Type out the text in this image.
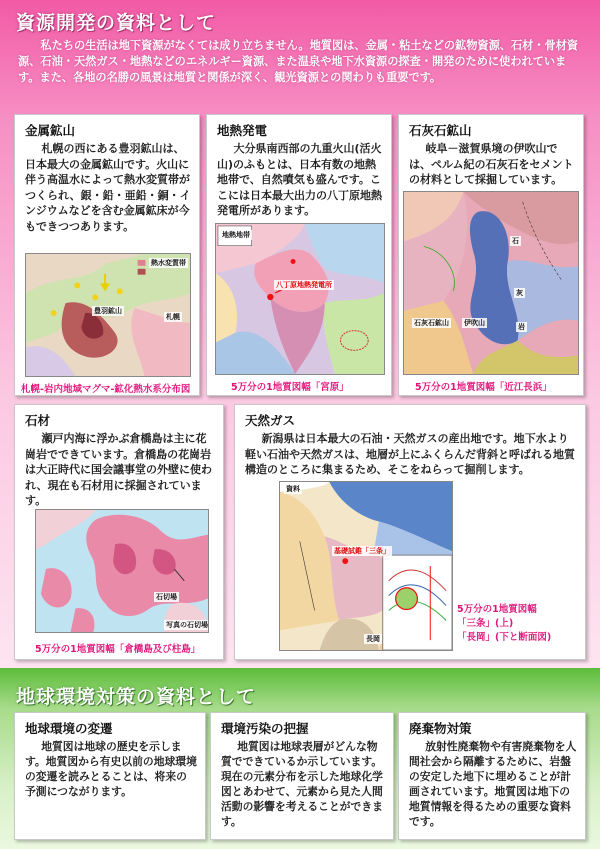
資源開発の資料として
私たちの生活は地下資源がなくては成り立ちません。地質図は、金属・粘土などの鉱物資源、石材・骨材資源、石油・天然ガス・地熱などのエネルギー資源、また温泉や地下水資源の探査・開発のために使われています。また、各地の名勝の風景は地質と関係が深く、観光資源との関わりも重要です。
金属鉱山

札幌の西にある豊羽鉱山は、日本最大の金属鉱山です。火山に伴う高温水によって熱水変質帯がつくられ、銀・鉛・亜鉛・銅・インジウムなどを含む金属鉱床が今もできつつあります。

熱水変質帯
札幌
豊羽鉱山
札幌-岩内地域マグマ-鉱化熱水系分布図
地熱発電

大分県南西部の九重火山(活火山)のふもとは、日本有数の地熱地帯で、自然噴気も盛んです。ここには日本最大出力の八丁原地熱発電所があります。

八丁原地熱発電所
地熱地帯
5万分の1地質図幅「宮原」
石灰石鉱山

岐阜－滋賀県境の伊吹山では、ペルム紀の石灰石をセメントの材料として採掘しています。

石
灰
岩
石灰石鉱山 伊吹山
5万分の1地質図幅「近江長浜」
石材

瀬戸内海に浮かぶ倉橋島は主に花崗岩でできています。倉橋島の花崗岩は大正時代に国会議事堂の外壁に使われ、現在も石材用に採掘されています。

石切場
写真の石切場
5万分の1地質図幅「倉橋島及び柱島」
天然ガス

新潟県は日本最大の石油・天然ガスの産出地です。地下水より軽い石油や天然ガスは、地層が上にふくらんだ背斜と呼ばれる地質構造のところに集まるため、そこをねらって掘削します。

資料
基礎試錐「三条」
長岡
5万分の1地質図幅
「三条」(上)
「長岡」(下と断面図)
地球環境対策の資料として
地球環境の変遷

地質図は地球の歴史を示します。地質図から有史以前の地球環境の変遷を読みとることは、将来の予測につながります。

環境汚染の把握

地質図は地球表層がどんな物質でできているか示しています。現在の元素分布を示した地球化学図とあわせて、元素から見た人間活動の影響を考えることができます。

廃棄物対策

放射性廃棄物や有害廃棄物を人間社会から隔離するために、岩盤の安定した地下に埋めることが計画されています。地質図は地下の地質情報を得るための重要な資料です。
